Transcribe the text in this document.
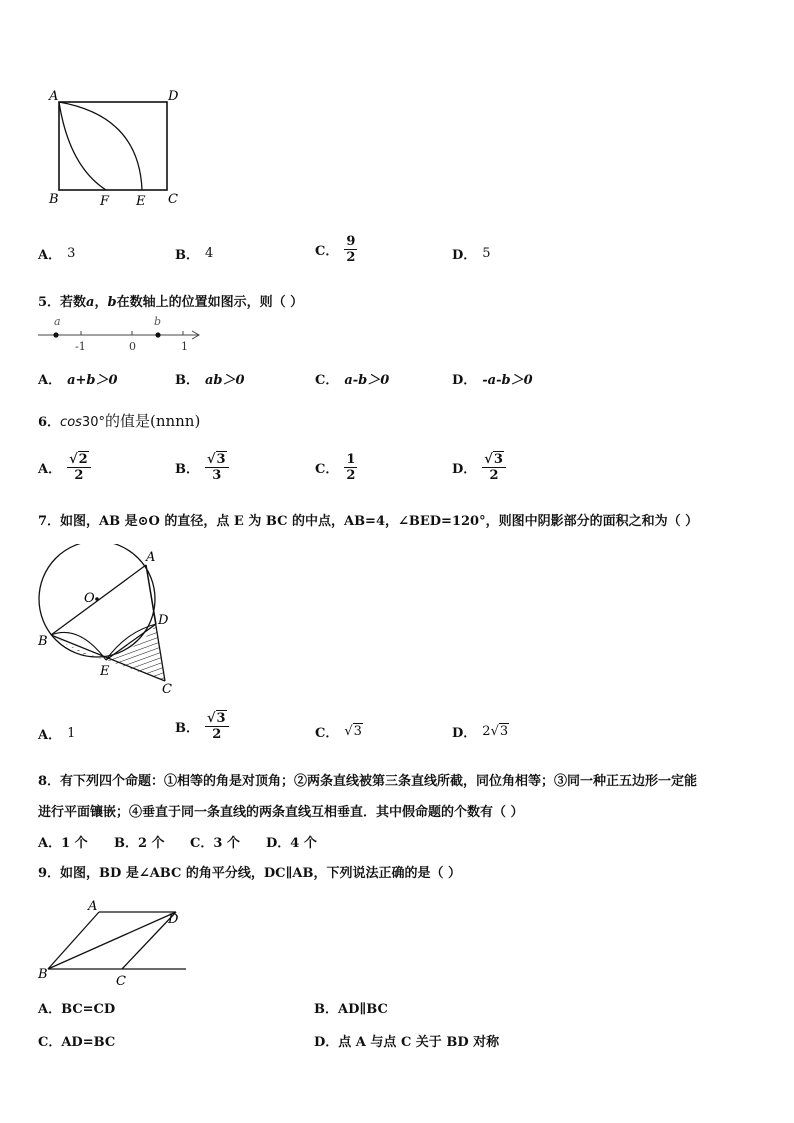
A	D
B	F E C
A． 3	B． 4	C． $\frac{9}{2}$	D． 5
5．若数a，b在数轴上的位置如图示，则（ ）
a	b
-1	0	1
A． a+b＞0	B． ab＞0	C． a-b＞0	D． -a-b＞0
6．cos30°的值是(nnnn)
A． $\frac{√2}{2}$	B． $\frac{√3}{3}$	C． $\frac{1}{2}$	D． $\frac{√3}{2}$
7．如图，AB 是⊙O 的直径，点 E 为 BC 的中点，AB=4，∠BED=120°，则图中阴影部分的面积之和为（ ）
A
O
D
B
E
C
A． 1	B． $\frac{√3}{2}$	C． √3	D． 2√3
8．有下列四个命题：①相等的角是对顶角；②两条直线被第三条直线所截，同位角相等；③同一种正五边形一定能
进行平面镶嵌；④垂直于同一条直线的两条直线互相垂直．其中假命题的个数有（ ）
A．1 个 B．2 个 C．3 个 D．4 个
9．如图，BD 是∠ABC 的角平分线，DC∥AB，下列说法正确的是（ ）
A
D
B	C
A．BC=CD	B．AD∥BC
C．AD=BC	D．点 A 与点 C 关于 BD 对称
